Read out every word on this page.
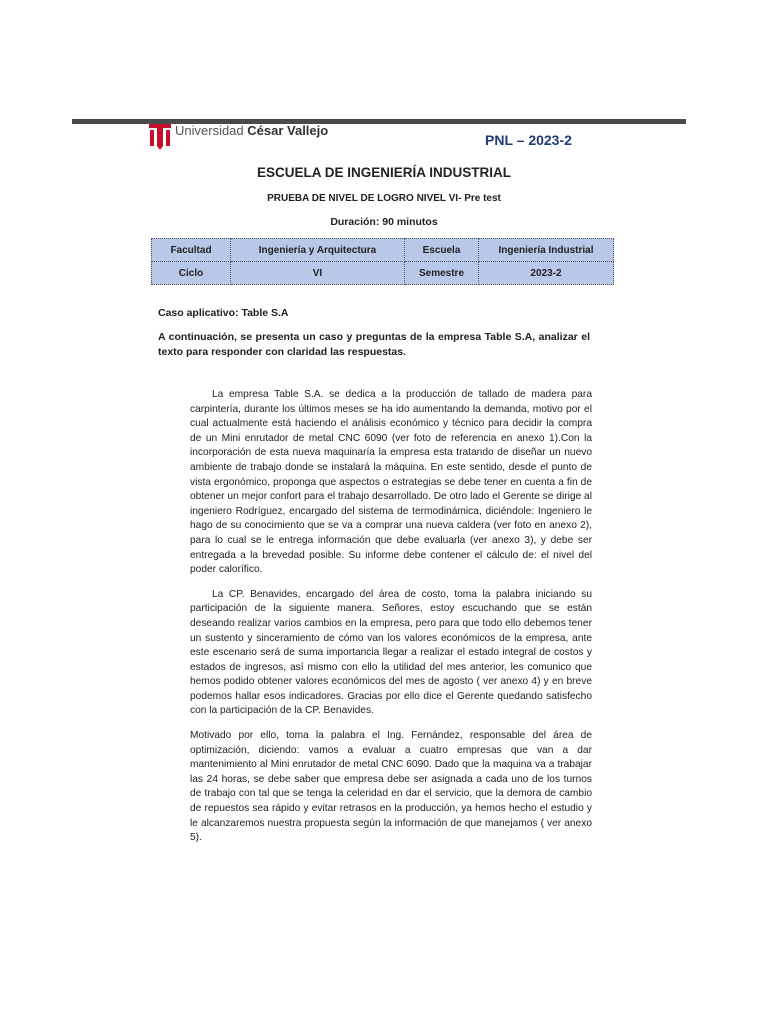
Universidad César Vallejo
PNL – 2023-2
ESCUELA DE INGENIERÍA INDUSTRIAL
PRUEBA DE NIVEL DE LOGRO NIVEL VI- Pre test
Duración: 90 minutos
Facultad	Ingeniería y Arquitectura	Escuela	Ingeniería Industrial
Ciclo	VI	Semestre	2023-2
Caso aplicativo: Table S.A
A continuación, se presenta un caso y preguntas de la empresa Table S.A, analizar el texto para responder con claridad las respuestas.

La empresa Table S.A. se dedica a la producción de tallado de madera para carpintería, durante los últimos meses se ha ido aumentando la demanda, motivo por el cual actualmente está haciendo el análisis económico y técnico para decidir la compra de un Mini enrutador de metal CNC 6090 (ver foto de referencia en anexo 1).Con la incorporación de esta nueva maquinaría la empresa esta tratando de diseñar un nuevo ambiente de trabajo donde se instalará la máquina. En este sentido, desde el punto de vista ergonómico, proponga que aspectos o estrategias se debe tener en cuenta a fin de obtener un mejor confort para el trabajo desarrollado. De otro lado el Gerente se dirige al ingeniero Rodríguez, encargado del sistema de termodinámica, diciéndole: Ingeniero le hago de su conocimiento que se va a comprar una nueva caldera (ver foto en anexo 2), para lo cual se le entrega información que debe evaluarla (ver anexo 3), y debe ser entregada a la brevedad posible. Su informe debe contener el cálculo de: el nivel del poder calorífico.

La CP. Benavides, encargado del área de costo, toma la palabra iniciando su participación de la siguiente manera. Señores, estoy escuchando que se están deseando realizar varios cambios en la empresa, pero para que todo ello debemos tener un sustento y sinceramiento de cómo van los valores económicos de la empresa, ante este escenario será de suma importancia llegar a realizar el estado integral de costos y estados de ingresos, así mismo con ello la utilidad del mes anterior, les comunico que hemos podido obtener valores económicos del mes de agosto ( ver anexo 4) y en breve podemos hallar esos indicadores. Gracias por ello dice el Gerente quedando satisfecho con la participación de la CP. Benavides.

Motivado por ello, toma la palabra el Ing. Fernández, responsable del área de optimización, diciendo: vamos a evaluar a cuatro empresas que van a dar mantenimiento al Mini enrutador de metal CNC 6090. Dado que la maquina va a trabajar las 24 horas, se debe saber que empresa debe ser asignada a cada uno de los turnos de trabajo con tal que se tenga la celeridad en dar el servicio, que la demora de cambio de repuestos sea rápido y evitar retrasos en la producción, ya hemos hecho el estudio y le alcanzaremos nuestra propuesta según la información de que manejamos ( ver anexo 5).
